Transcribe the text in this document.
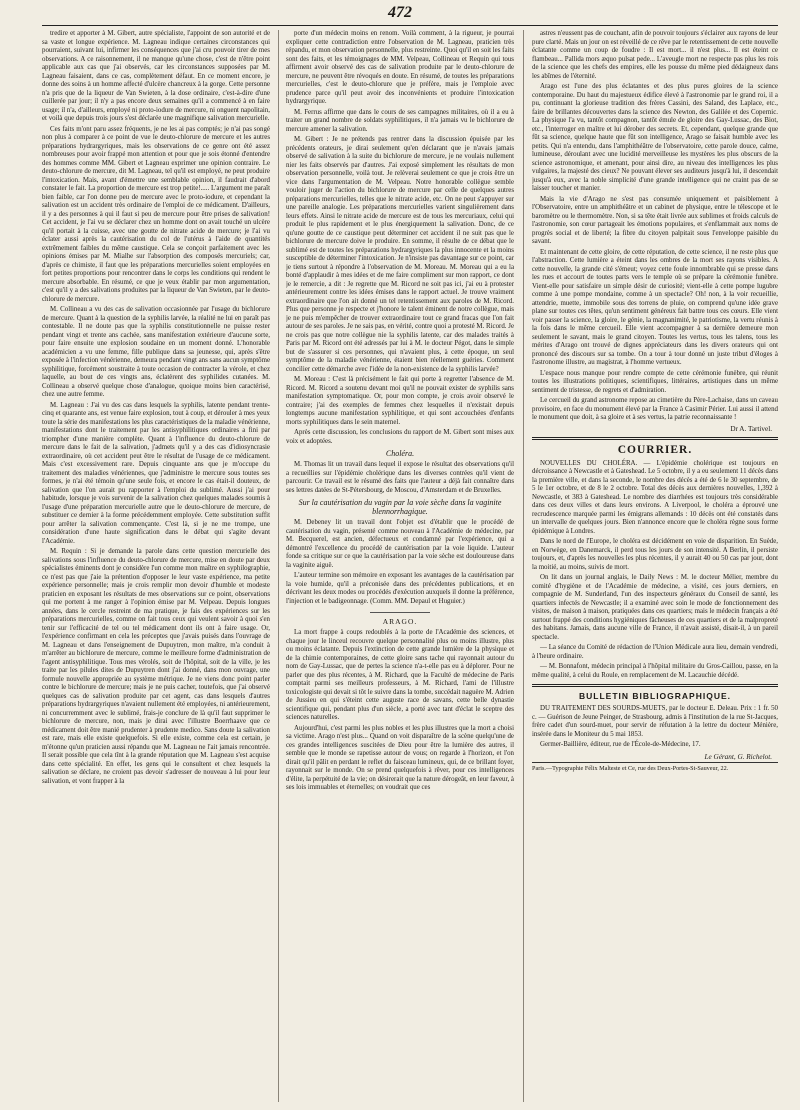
472

tredire et apporter à M. Gibert, autre spécialiste, l'appoint de son autorité et de sa vaste et longue expérience. M. Lagneau indique certaines circonstances qui pourraient, suivant lui, infirmer les conséquences que j'ai cru pouvoir tirer de mes observations. A ce raisonnement, il ne manque qu'une chose, c'est de n'être point applicable aux cas que j'ai observés, car les circonstances supposées par M. Lagneau faisaient, dans ce cas, complètement défaut. En ce moment encore, je donne des soins à un homme affecté d'ulcère chancreux à la gorge. Cette personne n'a pris que de la liqueur de Van Swieten, à la dose ordinaire, c'est-à-dire d'une cuillerée par jour; il n'y a pas encore deux semaines qu'il a commencé à en faire usage; il n'a, d'ailleurs, employé ni proto-iodure de mercure, ni onguent napolitain, et voilà que depuis trois jours s'est déclarée une magnifique salivation mercurielle.

Ces faits m'ont paru assez fréquents, je ne les ai pas comptés; je n'ai pas songé non plus à comparer à ce point de vue le deuto-chlorure de mercure et les autres préparations hydrargyriques, mais les observations de ce genre ont été assez nombreuses pour avoir frappé mon attention et pour que je sois étonné d'entendre des hommes comme MM. Gibert et Lagneau exprimer une opinion contraire. Le deuto-chlorure de mercure, dit M. Lagneau, tel qu'il est employé, ne peut produire l'intoxication. Mais, avant d'émettre une semblable opinion, il faudrait d'abord constater le fait. La proportion de mercure est trop petite!..... L'argument me paraît bien faible, car l'on donne peu de mercure avec le proto-iodure, et cependant la salivation est un accident très ordinaire de l'emploi de ce médicament. D'ailleurs, il y a des personnes à qui il faut si peu de mercure pour être prises de salivation! Cet accident, je l'ai vu se déclarer chez un homme dont on avait touché un ulcère qu'il portait à la cuisse, avec une goutte de nitrate acide de mercure; je l'ai vu éclater aussi après la cautérisation du col de l'utérus à l'aide de quantités extrêmement faibles du même caustique. Cela se conçoit parfaitement avec les opinions émises par M. Mialhe sur l'absorption des composés mercuriels; car, d'après ce chimiste, il faut que les préparations mercurielles soient employées en fort petites proportions pour rencontrer dans le corps les conditions qui rendent le mercure absorbable. En résumé, ce que je veux établir par mon argumentation, c'est qu'il y a des salivations produites par la liqueur de Van Swieten, par le deuto-chlorure de mercure.

M. Collineau a vu des cas de salivation occasionnée par l'usage du bichlorure de mercure. Quant à la question de la syphilis larvée, la réalité ne lui en paraît pas contestable. Il ne doute pas que la syphilis constitutionnelle ne puisse rester pendant vingt et trente ans cachée, sans manifestation extérieure d'aucune sorte, pour faire ensuite une explosion soudaine en un moment donné. L'honorable académicien a vu une femme, fille publique dans sa jeunesse, qui, après s'être exposée à l'infection vénérienne, demeura pendant vingt ans sans aucun symptôme syphilitique, forcément soustraite à toute occasion de contracter la vérole, et chez laquelle, au bout de ces vingts ans, éclatèrent des syphilides cutanées. M. Collineau a observé quelque chose d'analogue, quoique moins bien caractérisé, chez une autre femme.

M. Lagneau : J'ai vu des cas dans lesquels la syphilis, latente pendant trente-cinq et quarante ans, est venue faire explosion, tout à coup, et dérouler à mes yeux toute la série des manifestations les plus caractéristiques de la maladie vénérienne, manifestations dont le traitement par les antisyphilitiques ordinaires a fini par triompher d'une manière complète. Quant à l'influence du deuto-chlorure de mercure dans le fait de la salivation, j'admets qu'il y a des cas d'idiosyncrasie extraordinaire, où cet accident peut être le résultat de l'usage de ce médicament. Mais c'est excessivement rare. Depuis cinquante ans que je m'occupe du traitement des maladies vénériennes, que j'administre le mercure sous toutes ses formes, je n'ai été témoin qu'une seule fois, et encore le cas était-il douteux, de salivation que l'on aurait pu rapporter à l'emploi du sublimé. Aussi j'ai pour habitude, lorsque je vois survenir de la salivation chez quelques malades soumis à l'usage d'une préparation mercurielle autre que le deuto-chlorure de mercure, de substituer ce dernier à la forme précédemment employée. Cette substitution suffit pour arrêter la salivation commençante. C'est là, si je ne me trompe, une considération d'une haute signification dans le débat qui s'agite devant l'Académie.

M. Requin : Si je demande la parole dans cette question mercurielle des salivations sous l'influence du deuto-chlorure de mercure, mise en doute par deux spécialistes éminents dont je considère l'un comme mon maître en syphilographie, ce n'est pas que j'aie la prétention d'opposer le leur vaste expérience, ma petite expérience personnelle; mais je crois remplir mon devoir d'humble et modeste praticien en exposant les résultats de mes observations sur ce point, observations qui me portent à me ranger à l'opinion émise par M. Velpeau. Depuis longues années, dans le cercle restreint de ma pratique, je fais des expériences sur les préparations mercurielles, comme on fait tous ceux qui veulent savoir à quoi s'en tenir sur l'efficacité de tel ou tel médicament dont ils ont à faire usage. Or, l'expérience confirmant en cela les préceptes que j'avais puisés dans l'ouvrage de M. Lagneau et dans l'enseignement de Dupuytren, mon maître, m'a conduit à m'arrêter au bichlorure de mercure, comme le meilleure forme d'administration de l'agent antisyphilitique. Tous mes vérolés, soit de l'hôpital, soit de la ville, je les traite par les pilules dites de Dupuytren dont j'ai donné, dans mon ouvrage, une formule nouvelle appropriée au système métrique. Je ne viens donc point parler contre le bichlorure de mercure; mais je ne puis cacher, toutefois, que j'ai observé quelques cas de salivation produite par cet agent, cas dans lesquels d'autres préparations hydrargyriques n'avaient nullement été employées, ni antérieurement, ni concurremment avec le sublimé, frais-je conclure de là qu'il faut supprimer le bichlorure de mercure, non, mais je dirai avec l'illustre Boerrhaave que ce médicament doit être manié prudenter à prudente medico. Sans doute la salivation est rare, mais elle existe quelquefois. Si elle existe, comme cela est certain, je m'étonne qu'un praticien aussi répandu que M. Lagneau ne l'ait jamais rencontrée. Il serait possible que cela tînt à la grande réputation que M. Lagneau s'est acquise dans cette spécialité. En effet, les gens qui le consultent et chez lesquels la salivation se déclare, ne croient pas devoir s'adresser de nouveau à lui pour leur salivation, et vont frapper à la

porte d'un médecin moins en renom. Voilà comment, à la rigueur, je pourrai expliquer cette contradiction entre l'observation de M. Lagneau, praticien très répandu, et mon observation personnelle, plus restreinte. Quoi qu'il en soit les faits sont des faits, et les témoignages de MM. Velpeau, Collineau et Requin qui tous affirment avoir observé des cas de salivation produite par le deuto-chlorure de mercure, ne peuvent être révoqués en doute. En résumé, de toutes les préparations mercurielles, c'est le deuto-chlorure que je préfère, mais je l'emploie avec prudence parce qu'il peut avoir des inconvénients et produire l'intoxication hydrargyrique.

M. Ferrus affirme que dans le cours de ses campagnes militaires, où il a eu à traiter un grand nombre de soldats syphilitiques, il n'a jamais vu le bichlorure de mercure amener la salivation.

M. Gibert : Je ne prétends pas rentrer dans la discussion épuisée par les précédents orateurs, je dirai seulement qu'en déclarant que je n'avais jamais observé de salivation à la suite du bichlorure de mercure, je ne voulais nullement nier les faits observés par d'autres. J'ai exposé simplement les résultats de mon observation personnelle, voilà tout. Je relèverai seulement ce que je crois être un vice dans l'argumentation de M. Velpeau. Notre honorable collègue semble vouloir juger de l'action du bichlorure de mercure par celle de quelques autres préparations mercurielles, telles que le nitrate acide, etc. On ne peut s'appuyer sur une pareille analogie. Les préparations mercurielles varient singulièrement dans leurs effets. Ainsi le nitrate acide de mercure est de tous les mercuriaux, celui qui produit le plus rapidement et le plus énergiquement la salivation. Donc, de ce qu'une goutte de ce caustique peut déterminer cet accident il ne suit pas que le bichlorure de mercure doive le produire. En somme, il résulte de ce débat que le sublimé est de toutes les préparations hydrargyriques la plus innocente et la moins susceptible de déterminer l'intoxication. Je n'insiste pas davantage sur ce point, car je tiens surtout à répondre à l'observation de M. Moreau. M. Moreau qui a eu la bonté d'applaudir à mes idées et de me faire compliment sur mon rapport, ce dont je le remercie, a dit : Je regrette que M. Ricord ne soit pas ici, j'ai eu à protester antérieurement contre les idées émises dans le rapport actuel. Je trouve vraiment extraordinaire que l'on ait donné un tel retentissement aux paroles de M. Ricord. Plus que personne je respecte et j'honore le talent éminent de notre collègue, mais je ne puis m'empêcher de trouver extraordinaire tout ce grand fracas que l'on fait autour de ses paroles. Je ne sais pas, en vérité, contre quoi a protesté M. Ricord. Je ne crois pas que notre collègue nie la syphilis latente, car des malades traités à Paris par M. Ricord ont été adressés par lui à M. le docteur Pégot, dans le simple but de s'assurer si ces personnes, qui n'avaient plus, à cette époque, un seul symptôme de la maladie vénérienne, étaient bien réellement guéries. Comment concilier cette démarche avec l'idée de la non-existence de la syphilis larvée?

M. Moreau : C'est là précisément le fait qui porte à regretter l'absence de M. Ricord. M. Ricord a soutenu devant moi qu'il ne pouvait exister de syphilis sans manifestation symptomatique. Or, pour mon compte, je crois avoir observé le contraire; j'ai des exemples de femmes chez lesquelles il n'existait depuis longtemps aucune manifestation syphilitique, et qui sont accouchées d'enfants morts syphilitiques dans le sein maternel.

Après cette discussion, les conclusions du rapport de M. Gibert sont mises aux voix et adoptées.

Choléra.

M. Thomas lit un travail dans lequel il expose le résultat des observations qu'il a recueillies sur l'épidémie cholérique dans les diverses contrées qu'il vient de parcourir. Ce travail est le résumé des faits que l'auteur a déjà fait connaître dans ses lettres datées de St-Pétersbourg, de Moscou, d'Amsterdam et de Bruxelles.

Sur la cautérisation du vagin par la voie sèche dans la vaginite blennorrhagique.

M. Debeney lit un travail dont l'objet est d'établir que le procédé de cautérisation du vagin, présenté comme nouveau à l'Académie de médecine, par M. Becquerel, est ancien, défectueux et condamné par l'expérience, qui a démontré l'excellence du procédé de cautérisation par la voie liquide. L'auteur fonde sa critique sur ce que la cautérisation par la voie sèche est douloureuse dans la vaginite aiguë.

L'auteur termine son mémoire en exposant les avantages de la cautérisation par la voie humide, qu'il a préconisée dans des précédentes publications, et en décrivant les deux modes ou procédés d'exécution auxquels il donne la préférence, l'injection et le badigeonnage. (Comm. MM. Depaul et Huguier.)

ARAGO.

La mort frappe à coups redoublés à la porte de l'Académie des sciences, et chaque jour le linceul recouvre quelque personnalité plus ou moins illustre, plus ou moins éclatante. Depuis l'extinction de cette grande lumière de la physique et de la chimie contemporaines, de cette gloire sans tache qui rayonnait autour du nom de Gay-Lussac, que de pertes la science n'a-t-elle pas eu à déplorer. Pour ne parler que des plus récentes, à M. Richard, que la Faculté de médecine de Paris comptait parmi ses meilleurs professeurs, à M. Richard, l'ami de l'illustre toxicologiste qui devait si tôt le suivre dans la tombe, succédait naguère M. Adrien de Jussieu en qui s'éteint cette auguste race de savans, cette belle dynastie scientifique qui, pendant plus d'un siècle, a porté avec tant d'éclat le sceptre des sciences naturelles.

Aujourd'hui, c'est parmi les plus nobles et les plus illustres que la mort a choisi sa victime. Arago n'est plus... Quand on voit disparaître de la scène quelqu'une de ces grandes intelligences suscitées de Dieu pour être la lumière des autres, il semble que le monde se rapetisse autour de vous; on regarde à l'horizon, et l'on dirait qu'il pâlit en perdant le reflet du faisceau lumineux, qui, de ce brillant foyer, rayonnait sur le monde. On se prend quelquefois à rêver, pour ces intelligences d'élite, la perpétuité de la vie; on désirerait que la nature dérogeât, en leur faveur, à ses lois immuables et éternelles; on voudrait que ces

astres n'eussent pas de couchant, afin de pouvoir toujours s'éclairer aux rayons de leur pure clarté. Mais un jour on est réveillé de ce rêve par le retentissement de cette nouvelle éclatante comme un coup de foudre : Il est mort... il n'est plus... Il est éteint ce flambeau... Pallida mors æquo pulsat pede... L'aveugle mort ne respecte pas plus les rois de la science que les chefs des empires, elle les pousse du même pied dédaigneux dans les abîmes de l'éternité.

Arago est l'une des plus éclatantes et des plus pures gloires de la science contemporaine. Du haut du majestueux édifice élevé à l'astronomie par le grand roi, il a pu, continuant la glorieuse tradition des frères Cassini, des Saland, des Laplace, etc., faire de brillantes découvertes dans la science des Newton, des Galilée et des Copernic. La physique l'a vu, tantôt compagnon, tantôt émule de gloire des Gay-Lussac, des Biot, etc., l'interroger en maître et lui dérober des secrets. Et, cependant, quelque grande que fût sa science, quelque haute que fût son intelligence, Arago se faisait humble avec les petits. Qui n'a entendu, dans l'amphithéâtre de l'observatoire, cette parole douce, calme, lumineuse, déroulant avec une lucidité merveilleuse les mystères les plus obscurs de la science astronomique, et amenant, pour ainsi dire, au niveau des intelligences les plus vulgaires, la majesté des cieux? Ne pouvant élever ses auditeurs jusqu'à lui, il descendait jusqu'à eux, avec la noble simplicité d'une grande intelligence qui ne craint pas de se laisser toucher et manier.

Mais la vie d'Arago ne s'est pas consumée uniquement et paisiblement à l'Observatoire, entre un amphithéâtre et un cabinet de physique, entre le télescope et le baromètre ou le thermomètre. Non, si sa tête était livrée aux sublimes et froids calculs de l'astronomie, son cœur partageait les émotions populaires, et s'enflammait aux noms de progrès social et de liberté; la fibre du citoyen palpitait sous l'enveloppe paisible du savant.

Et maintenant de cette gloire, de cette réputation, de cette science, il ne reste plus que l'abstraction. Cette lumière a éteint dans les ombres de la mort ses rayons visibles. A cette nouvelle, la grande cité s'émeut; voyez cette foule innombrable qui se presse dans les rues et accourt de toutes parts vers le temple où se prépare la cérémonie funèbre. Vient-elle pour satisfaire un simple désir de curiosité; vient-elle à cette pompe lugubre comme à une pompe mondaine, comme à un spectacle? Oh! non, à la voir recueillie, attendrie, muette, immobile sous des torrens de pluie, on comprend qu'une idée grave plane sur toutes ces têtes, qu'un sentiment généreux fait battre tous ces cœurs. Elle vient voir passer la science, la gloire, le génie, la magnanimité, le patriotisme, la vertu réunis à la fois dans le même cercueil. Elle vient accompagner à sa dernière demeure mon seulement le savant, mais le grand citoyen. Toutes les vertus, tous les talens, tous les mérites d'Arago ont trouvé de dignes appréciateurs dans les divers orateurs qui ont prononcé des discours sur sa tombe. On a tour à tour donné un juste tribut d'éloges à l'astronome illustre, au magistrat, à l'homme vertueux.

L'espace nous manque pour rendre compte de cette cérémonie funèbre, qui réunit toutes les illustrations politiques, scientifiques, littéraires, artistiques dans un même sentiment de tristesse, de regrets et d'admiration.

Le cercueil du grand astronome repose au cimetière du Père-Lachaise, dans un caveau provisoire, en face du monument élevé par la France à Casimir Périer. Lui aussi il attend le monument que doit, à sa gloire et à ses vertus, la patrie reconnaissante !

Dr A. Tartivel.
COURRIER.

NOUVELLES DU CHOLÉRA. — L'épidémie cholérique est toujours en décroissance à Newcastle et à Gateshead. Le 5 octobre, il y a eu seulement 11 décès dans la première ville, et dans la seconde, le nombre des décès a été de 6 le 30 septembre, de 5 le 1er octobre, et de 8 le 2 octobre. Total des décès aux dernières nouvelles, 1,392 à Newcastle, et 383 à Gateshead. Le nombre des diarrhées est toujours très considérable dans ces deux villes et dans leurs environs. A Liverpool, le choléra a éprouvé une recrudescence marquée parmi les émigrans allemands : 10 décès ont été constatés dans un intervalle de quelques jours. Bien n'annonce encore que le choléra règne sous forme épidémique à Londres.

Dans le nord de l'Europe, le choléra est décidément en voie de disparition. En Suède, en Norwège, en Danemarck, il perd tous les jours de son intensité. A Berlin, il persiste toujours, et, d'après les nouvelles les plus récentes, il y aurait 40 ou 50 cas par jour, dont la moitié, au moins, suivis de mort.

On lit dans un journal anglais, le Daily News : M. le docteur Mélier, membre du comité d'hygiène et de l'Académie de médecine, a visité, ces jours derniers, en compagnie de M. Sunderland, l'un des inspecteurs généraux du Conseil de santé, les quartiers infectés de Newcastle; il a examiné avec soin le mode de fonctionnement des visites, de maison à maison, pratiquées dans ces quartiers; mais le médecin français a été surtout frappé des conditions hygiéniques fâcheuses de ces quartiers et de la malpropreté des habitans. Jamais, dans aucune ville de France, il n'avait assisté, disait-il, à un pareil spectacle.

— La séance du Comité de rédaction de l'Union Médicale aura lieu, demain vendredi, à l'heure ordinaire.

— M. Bonnafont, médecin principal à l'hôpital militaire du Gros-Caillou, passe, en la même qualité, à celui du Roule, en remplacement de M. Lacauchie décédé.

BULLETIN BIBLIOGRAPHIQUE.

DU TRAITEMENT DES SOURDS-MUETS, par le docteur E. Deleau. Prix : 1 fr. 50 c. — Guérison de Jeune Peinger, de Strasbourg, admis à l'institution de la rue St-Jacques, frère cadet d'un sourd-muet, pour servir de réfutation à la lettre du docteur Ménière, insérée dans le Moniteur du 5 mai 1853.

Germer-Baillière, éditeur, rue de l'École-de-Médecine, 17.

Le Gérant, G. Richelot.
Paris.—Typographie Félix Malteste et Ce, rue des Deux-Portes-St-Sauveur, 22.
